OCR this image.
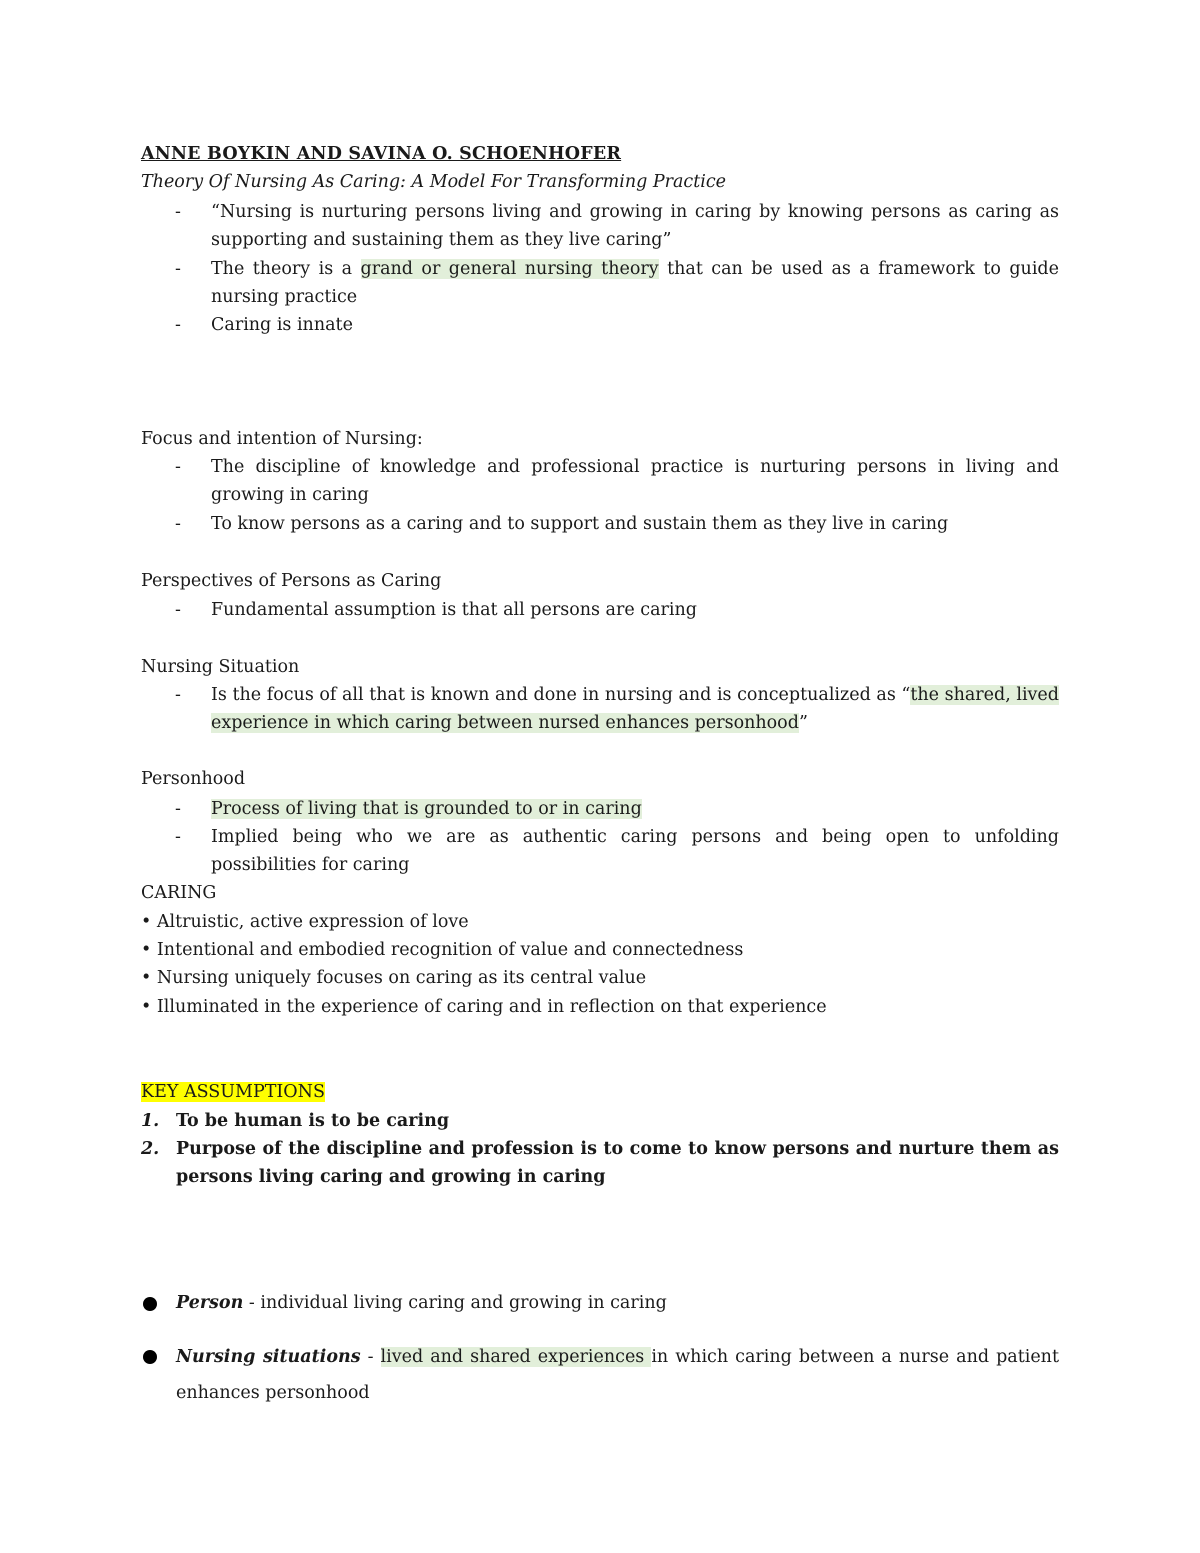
ANNE BOYKIN AND SAVINA O. SCHOENHOFER
Theory Of Nursing As Caring: A Model For Transforming Practice
- “Nursing is nurturing persons living and growing in caring by knowing persons as caring as supporting and sustaining them as they live caring”
- The theory is a grand or general nursing theory that can be used as a framework to guide nursing practice
- Caring is innate
Focus and intention of Nursing:
- The discipline of knowledge and professional practice is nurturing persons in living and growing in caring
- To know persons as a caring and to support and sustain them as they live in caring
Perspectives of Persons as Caring
- Fundamental assumption is that all persons are caring
Nursing Situation
- Is the focus of all that is known and done in nursing and is conceptualized as “the shared, lived experience in which caring between nursed enhances personhood”
Personhood
- Process of living that is grounded to or in caring
- Implied being who we are as authentic caring persons and being open to unfolding possibilities for caring
CARING
• Altruistic, active expression of love
• Intentional and embodied recognition of value and connectedness
• Nursing uniquely focuses on caring as its central value
• Illuminated in the experience of caring and in reflection on that experience
KEY ASSUMPTIONS
1. To be human is to be caring
2. Purpose of the discipline and profession is to come to know persons and nurture them as persons living caring and growing in caring
Person - individual living caring and growing in caring
Nursing situations - lived and shared experiences in which caring between a nurse and patient enhances personhood
